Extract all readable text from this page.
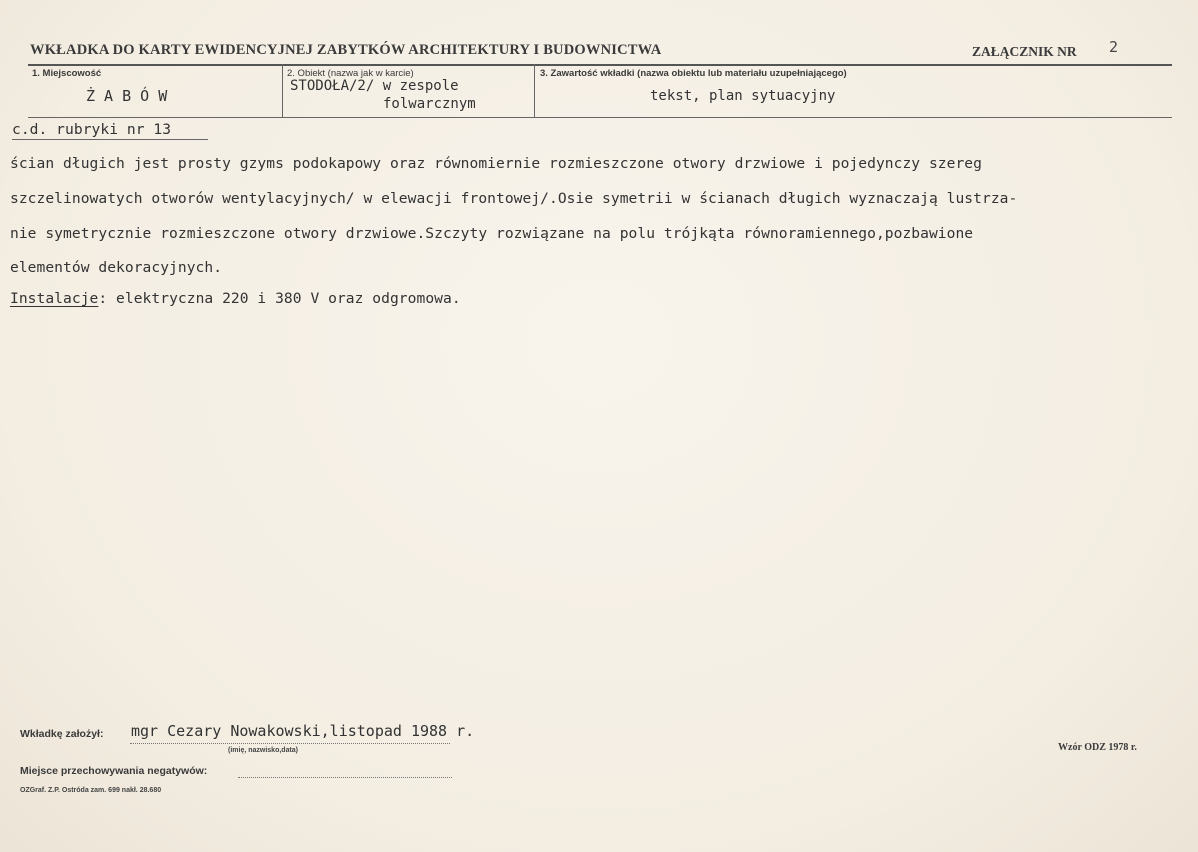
WKŁADKA DO KARTY EWIDENCYJNEJ ZABYTKÓW ARCHITEKTURY I BUDOWNICTWA	ZAŁĄCZNIK NR 2
1. Miejscowość
Ż A B Ó W
2. Obiekt (nazwa jak w karcie)
STODOŁA/2/ w zespole
folwarcznym
3. Zawartość wkładki (nazwa obiektu lub materiału uzupełniającego)
tekst, plan sytuacyjny
c.d. rubryki nr 13
ścian długich jest prosty gzyms podokapowy oraz równomiernie rozmieszczone otwory drzwiowe i pojedynczy szereg
szczelinowatych otworów wentylacyjnych/ w elewacji frontowej/.Osie symetrii w ścianach długich wyznaczają lustrza-
nie symetrycznie rozmieszczone otwory drzwiowe.Szczyty rozwiązane na polu trójkąta równoramiennego,pozbawione
elementów dekoracyjnych.
Instalacje: elektryczna 220 i 380 V oraz odgromowa.
Wkładkę założył: mgr Cezary Nowakowski,listopad 1988 r.
(imię, nazwisko,data)
Miejsce przechowywania negatywów:
OZGraf. Z.P. Ostróda zam. 699 nakł. 28.680
Wzór ODZ 1978 r.
